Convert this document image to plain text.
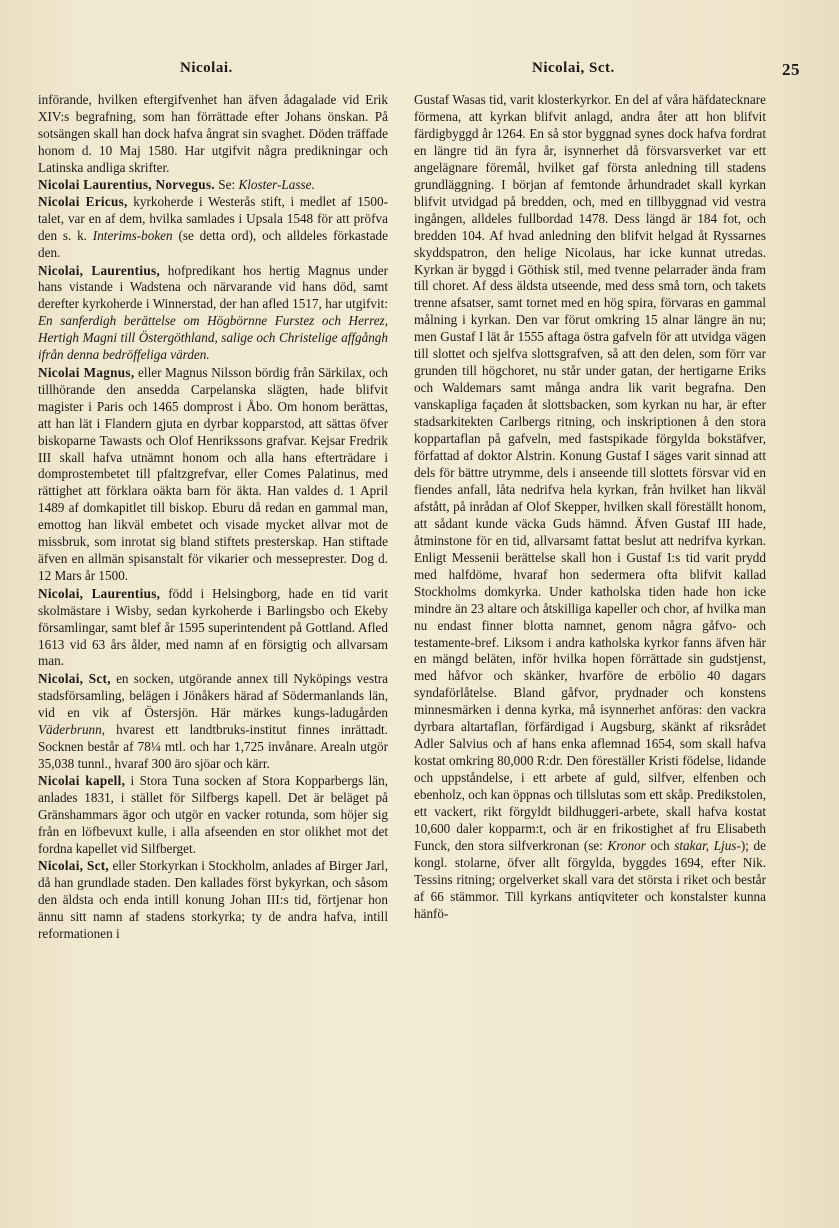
Nicolai.	Nicolai, Sct.	25

införande, hvilken eftergifvenhet han äfven ådagalade vid Erik XIV:s begrafning, som han förrättade efter Johans önskan. På sotsängen skall han dock hafva ångrat sin svaghet. Döden träffade honom d. 10 Maj 1580. Har utgifvit några predikningar och Latinska andliga skrifter.

Nicolai Laurentius, Norvegus. Se: Kloster-Lasse.
Nicolai Ericus, kyrkoherde i Westerås stift, i medlet af 1500-talet, var en af dem, hvilka samlades i Upsala 1548 för att pröfva den s. k. Interims-boken (se detta ord), och alldeles förkastade den.
Nicolai, Laurentius, hofpredikant hos hertig Magnus under hans vistande i Wadstena och närvarande vid hans död, samt derefter kyrkoherde i Winnerstad, der han afled 1517, har utgifvit: En sanferdigh berättelse om Högbörnne Furstez och Herrez, Hertigh Magni till Östergöthland, salige och Christelige affgångh ifrån denna bedröffeliga värden.
Nicolai Magnus, eller Magnus Nilsson bördig från Särkilax, och tillhörande den ansedda Carpelanska slägten, hade blifvit magister i Paris och 1465 domprost i Åbo. Om honom berättas, att han lät i Flandern gjuta en dyrbar kopparstod, att sättas öfver biskoparne Tawasts och Olof Henrikssons grafvar. Kejsar Fredrik III skall hafva utnämnt honom och alla hans efterträdare i domprostembetet till pfaltzgrefvar, eller Comes Palatinus, med rättighet att förklara oäkta barn för äkta. Han valdes d. 1 April 1489 af domkapitlet till biskop. Eburu då redan en gammal man, emottog han likväl embetet och visade mycket allvar mot de missbruk, som inrotat sig bland stiftets presterskap. Han stiftade äfven en allmän spisanstalt för vikarier och messeprester. Dog d. 12 Mars år 1500.
Nicolai, Laurentius, född i Helsingborg, hade en tid varit skolmästare i Wisby, sedan kyrkoherde i Barlingsbo och Ekeby församlingar, samt blef år 1595 superintendent på Gottland. Afled 1613 vid 63 års ålder, med namn af en försigtig och allvarsam man.
Nicolai, Sct, en socken, utgörande annex till Nyköpings vestra stadsförsamling, belägen i Jönåkers härad af Södermanlands län, vid en vik af Östersjön. Här märkes kungs-ladugården Väderbrunn, hvarest ett landtbruks-institut finnes inrättadt. Socknen består af 78¼ mtl. och har 1,725 invånare. Arealn utgör 35,038 tunnl., hvaraf 300 äro sjöar och kärr.
Nicolai kapell, i Stora Tuna socken af Stora Kopparbergs län, anlades 1831, i stället för Silfbergs kapell. Det är beläget på Gränshammars ägor och utgör en vacker rotunda, som höjer sig från en löfbevuxt kulle, i alla afseenden en stor olikhet mot det fordna kapellet vid Silfberget.
Nicolai, Sct, eller Storkyrkan i Stockholm, anlades af Birger Jarl, då han grundlade staden. Den kallades först bykyrkan, och såsom den äldsta och enda intill konung Johan III:s tid, förtjenar hon ännu sitt namn af stadens storkyrka; ty de andra hafva, intill reformationen i

Gustaf Wasas tid, varit klosterkyrkor. En del af våra häfdatecknare förmena, att kyrkan blifvit anlagd, andra åter att hon blifvit färdigbyggd år 1264. En så stor byggnad synes dock hafva fordrat en längre tid än fyra år, isynnerhet då försvarsverket var ett angelägnare föremål, hvilket gaf första anledning till stadens grundläggning. I början af femtonde århundradet skall kyrkan blifvit utvidgad på bredden, och, med en tillbyggnad vid vestra ingången, alldeles fullbordad 1478. Dess längd är 184 fot, och bredden 104. Af hvad anledning den blifvit helgad åt Ryssarnes skyddspatron, den helige Nicolaus, har icke kunnat utredas. Kyrkan är byggd i Göthisk stil, med tvenne pelarrader ända fram till choret. Af dess äldsta utseende, med dess små torn, och takets trenne afsatser, samt tornet med en hög spira, förvaras en gammal målning i kyrkan. Den var förut omkring 15 alnar längre än nu; men Gustaf I lät år 1555 aftaga östra gafveln för att utvidga vägen till slottet och sjelfva slottsgrafven, så att den delen, som förr var grunden till högchoret, nu står under gatan, der hertigarne Eriks och Waldemars samt många andra lik varit begrafna. Den vanskapliga façaden åt slottsbacken, som kyrkan nu har, är efter stadsarkitekten Carlbergs ritning, och inskriptionen å den stora koppartaflan på gafveln, med fastspikade förgylda bokstäfver, författad af doktor Alstrin. Konung Gustaf I säges varit sinnad att dels för bättre utrymme, dels i anseende till slottets försvar vid en fiendes anfall, låta nedrifva hela kyrkan, från hvilket han likväl afstått, på inrådan af Olof Skepper, hvilken skall föreställt honom, att sådant kunde väcka Guds hämnd. Äfven Gustaf III hade, åtminstone för en tid, allvarsamt fattat beslut att nedrifva kyrkan. Enligt Messenii berättelse skall hon i Gustaf I:s tid varit prydd med halfdöme, hvaraf hon sedermera ofta blifvit kallad Stockholms domkyrka. Under katholska tiden hade hon icke mindre än 23 altare och åtskilliga kapeller och chor, af hvilka man nu endast finner blotta namnet, genom några gåfvo- och testamente-bref. Liksom i andra katholska kyrkor fanns äfven här en mängd beläten, inför hvilka hopen förrättade sin gudstjenst, med håfvor och skänker, hvarföre de erbölio 40 dagars syndaförlåtelse. Bland gåfvor, prydnader och konstens minnesmärken i denna kyrka, må isynnerhet anföras: den vackra dyrbara altartaflan, förfärdigad i Augsburg, skänkt af riksrådet Adler Salvius och af hans enka aflemnad 1654, som skall hafva kostat omkring 80,000 R:dr. Den föreställer Kristi födelse, lidande och uppståndelse, i ett arbete af guld, silfver, elfenben och ebenholz, och kan öppnas och tillslutas som ett skåp. Predikstolen, ett vackert, rikt förgyldt bildhuggeri-arbete, skall hafva kostat 10,600 daler kopparm:t, och är en frikostighet af fru Elisabeth Funck, den stora silfverkronan (se: Kronor och stakar, Ljus-); de kongl. stolarne, öfver allt förgylda, byggdes 1694, efter Nik. Tessins ritning; orgelverket skall vara det största i riket och består af 66 stämmor. Till kyrkans antiqviteter och konstalster kunna hänfö-
